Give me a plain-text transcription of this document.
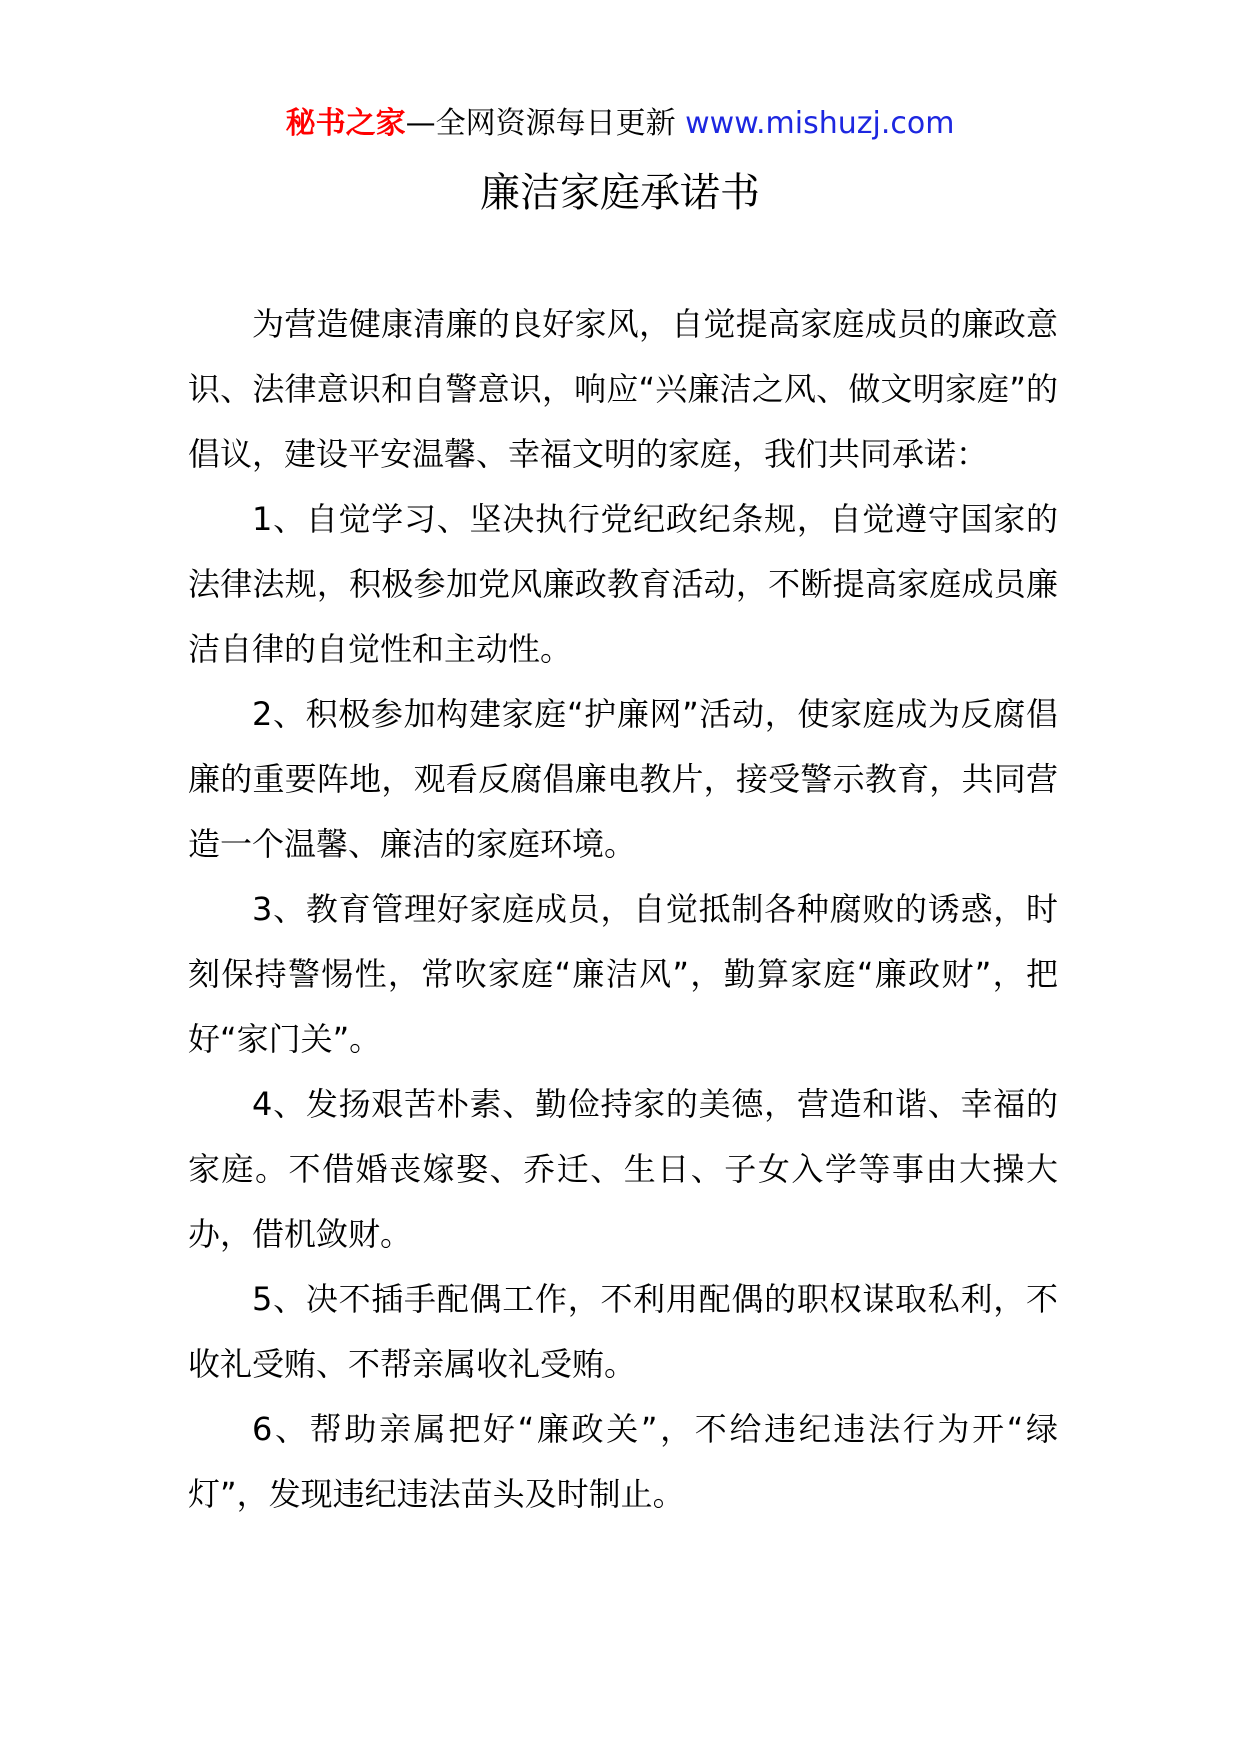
秘书之家—全网资源每日更新 www.mishuzj.com
廉洁家庭承诺书

为营造健康清廉的良好家风，自觉提高家庭成员的廉政意识、法律意识和自警意识，响应“兴廉洁之风、做文明家庭”的倡议，建设平安温馨、幸福文明的家庭，我们共同承诺：

1、自觉学习、坚决执行党纪政纪条规，自觉遵守国家的法律法规，积极参加党风廉政教育活动，不断提高家庭成员廉洁自律的自觉性和主动性。

2、积极参加构建家庭“护廉网”活动，使家庭成为反腐倡廉的重要阵地，观看反腐倡廉电教片，接受警示教育，共同营造一个温馨、廉洁的家庭环境。

3、教育管理好家庭成员，自觉抵制各种腐败的诱惑，时刻保持警惕性，常吹家庭“廉洁风”，勤算家庭“廉政财”，把好“家门关”。

4、发扬艰苦朴素、勤俭持家的美德，营造和谐、幸福的家庭。不借婚丧嫁娶、乔迁、生日、子女入学等事由大操大办，借机敛财。

5、决不插手配偶工作，不利用配偶的职权谋取私利，不收礼受贿、不帮亲属收礼受贿。

6、帮助亲属把好“廉政关”，不给违纪违法行为开“绿灯”，发现违纪违法苗头及时制止。
